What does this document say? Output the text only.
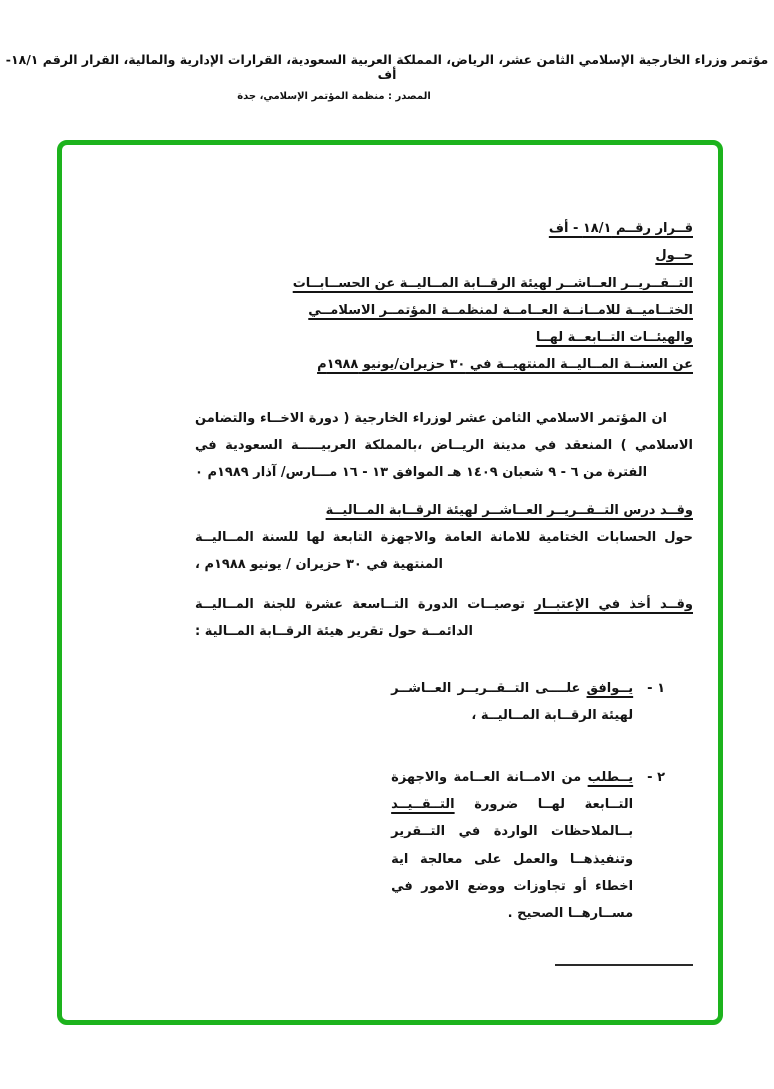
مؤتمر وزراء الخارجية الإسلامي الثامن عشر، الرياض، المملكة العربية السعودية، القرارات الإدارية والمالية، القرار الرقم ١٨/١-أف
المصدر : منظمة المؤتمر الإسلامي، جدة
قــرار رقــم ١٨/١ - أف
حــول
التــقــريــر العــاشــر لهيئة الرقــابة المــاليــة عن الحســابــات
الختــاميــة للامــانــة العــامــة لمنظمــة المؤتمــر الاسلامــي
والهيئــات التــابعــة لهــا
عن السنــة المــاليــة المنتهيــة في ٣٠ حزيران/يونيو ١٩٨٨م

ان المؤتمر الاسلامي الثامن عشر لوزراء الخارجية ( دورة الاخــاء والتضامن الاسلامي ) المنعقد في مدينة الريــاض ،بالمملكة العربيـــــة السعودية في الفترة من ٦ - ٩ شعبان ١٤٠٩ هـ الموافق ١٣ - ١٦ مـــارس/ آذار ١٩٨٩م ٠

وقــد درس التــقــريــر العــاشــر لهيئة الرقــابة المــاليــة

حول الحسابات الختامية للامانة العامة والاجهزة التابعة لها للسنة المــاليــة المنتهية في ٣٠ حزيران / يونيو ١٩٨٨م ،

وقــد أخذ في الإعتبــار توصيــات الدورة التــاسعة عشرة للجنة المــاليــة الدائمــة حول تقرير هيئة الرقــابة المــالية :

١ -
يــوافق علــــى التــقــريــر العــاشــر لهيئة الرقــابة المــاليــة ،
٢ -
يــطلب من الامــانة العــامة والاجهزة التــابعة لهــا ضرورة التــقــيــد بــالملاحظات الواردة في التــقرير وتنفيذهــا والعمل على معالجة اية اخطاء أو تجاوزات ووضع الامور في مســارهــا الصحيح .
